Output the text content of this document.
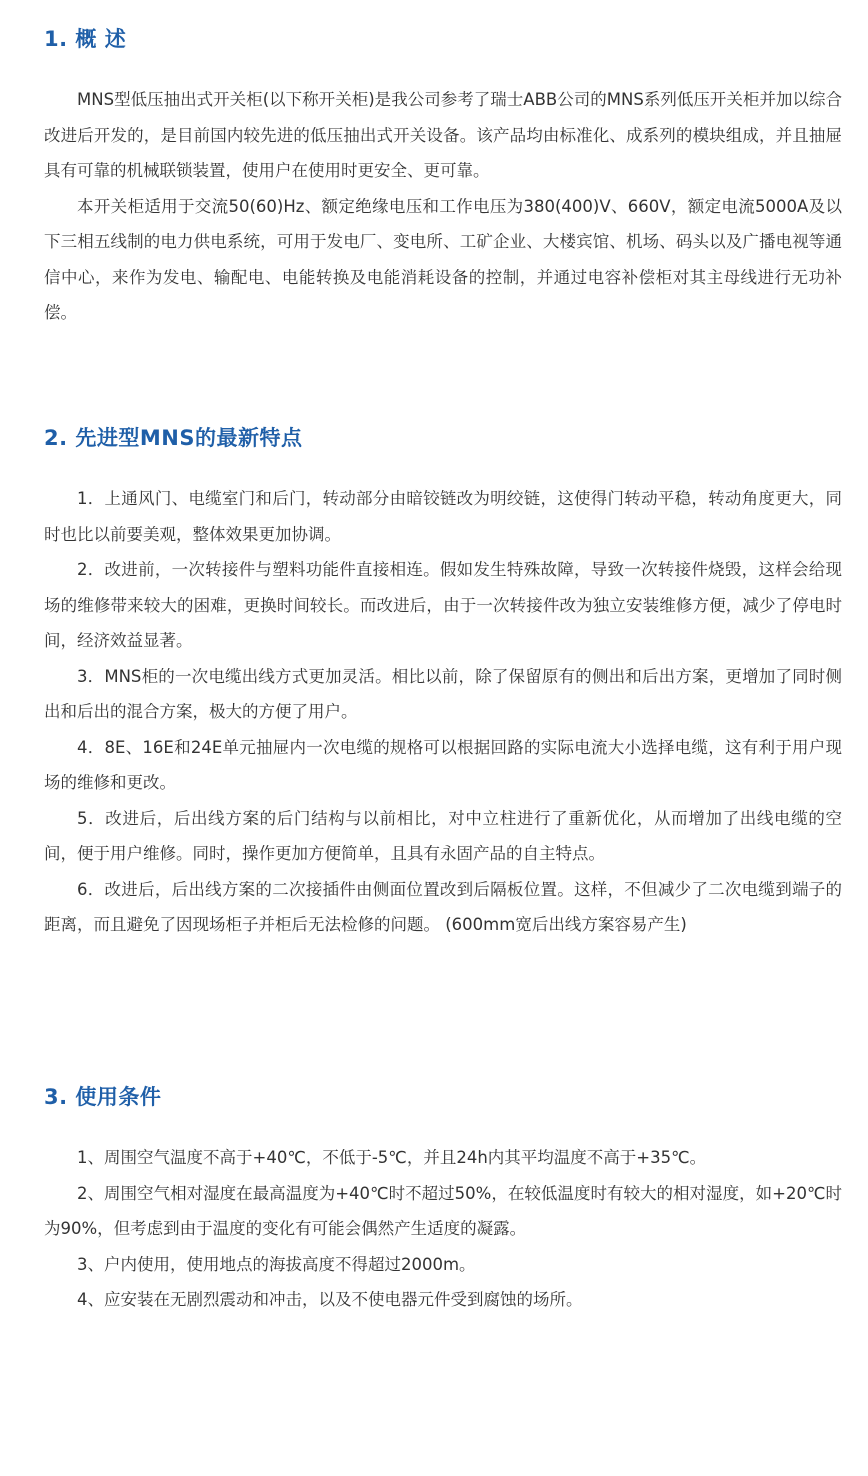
1. 概 述

MNS型低压抽出式开关柜(以下称开关柜)是我公司参考了瑞士ABB公司的MNS系列低压开关柜并加以综合改进后开发的，是目前国内较先进的低压抽出式开关设备。该产品均由标准化、成系列的模块组成，并且抽屉具有可靠的机械联锁装置，使用户在使用时更安全、更可靠。

本开关柜适用于交流50(60)Hz、额定绝缘电压和工作电压为380(400)V、660V，额定电流5000A及以下三相五线制的电力供电系统，可用于发电厂、变电所、工矿企业、大楼宾馆、机场、码头以及广播电视等通信中心，来作为发电、输配电、电能转换及电能消耗设备的控制，并通过电容补偿柜对其主母线进行无功补偿。

2. 先进型MNS的最新特点

1．上通风门、电缆室门和后门，转动部分由暗铰链改为明绞链，这使得门转动平稳，转动角度更大，同时也比以前要美观，整体效果更加协调。

2．改进前，一次转接件与塑料功能件直接相连。假如发生特殊故障，导致一次转接件烧毁，这样会给现场的维修带来较大的困难，更换时间较长。而改进后，由于一次转接件改为独立安装维修方便，减少了停电时间，经济效益显著。

3．MNS柜的一次电缆出线方式更加灵活。相比以前，除了保留原有的侧出和后出方案，更增加了同时侧出和后出的混合方案，极大的方便了用户。

4．8E、16E和24E单元抽屉内一次电缆的规格可以根据回路的实际电流大小选择电缆，这有利于用户现场的维修和更改。

5．改进后，后出线方案的后门结构与以前相比，对中立柱进行了重新优化，从而增加了出线电缆的空间，便于用户维修。同时，操作更加方便简单，且具有永固产品的自主特点。

6．改进后，后出线方案的二次接插件由侧面位置改到后隔板位置。这样，不但减少了二次电缆到端子的距离，而且避免了因现场柜子并柜后无法检修的问题。 (600mm宽后出线方案容易产生)

3. 使用条件

1、周围空气温度不高于+40℃，不低于-5℃，并且24h内其平均温度不高于+35℃。

2、周围空气相对湿度在最高温度为+40℃时不超过50%，在较低温度时有较大的相对湿度，如+20℃时为90%，但考虑到由于温度的变化有可能会偶然产生适度的凝露。

3、户内使用，使用地点的海拔高度不得超过2000m。

4、应安装在无剧烈震动和冲击，以及不使电器元件受到腐蚀的场所。
